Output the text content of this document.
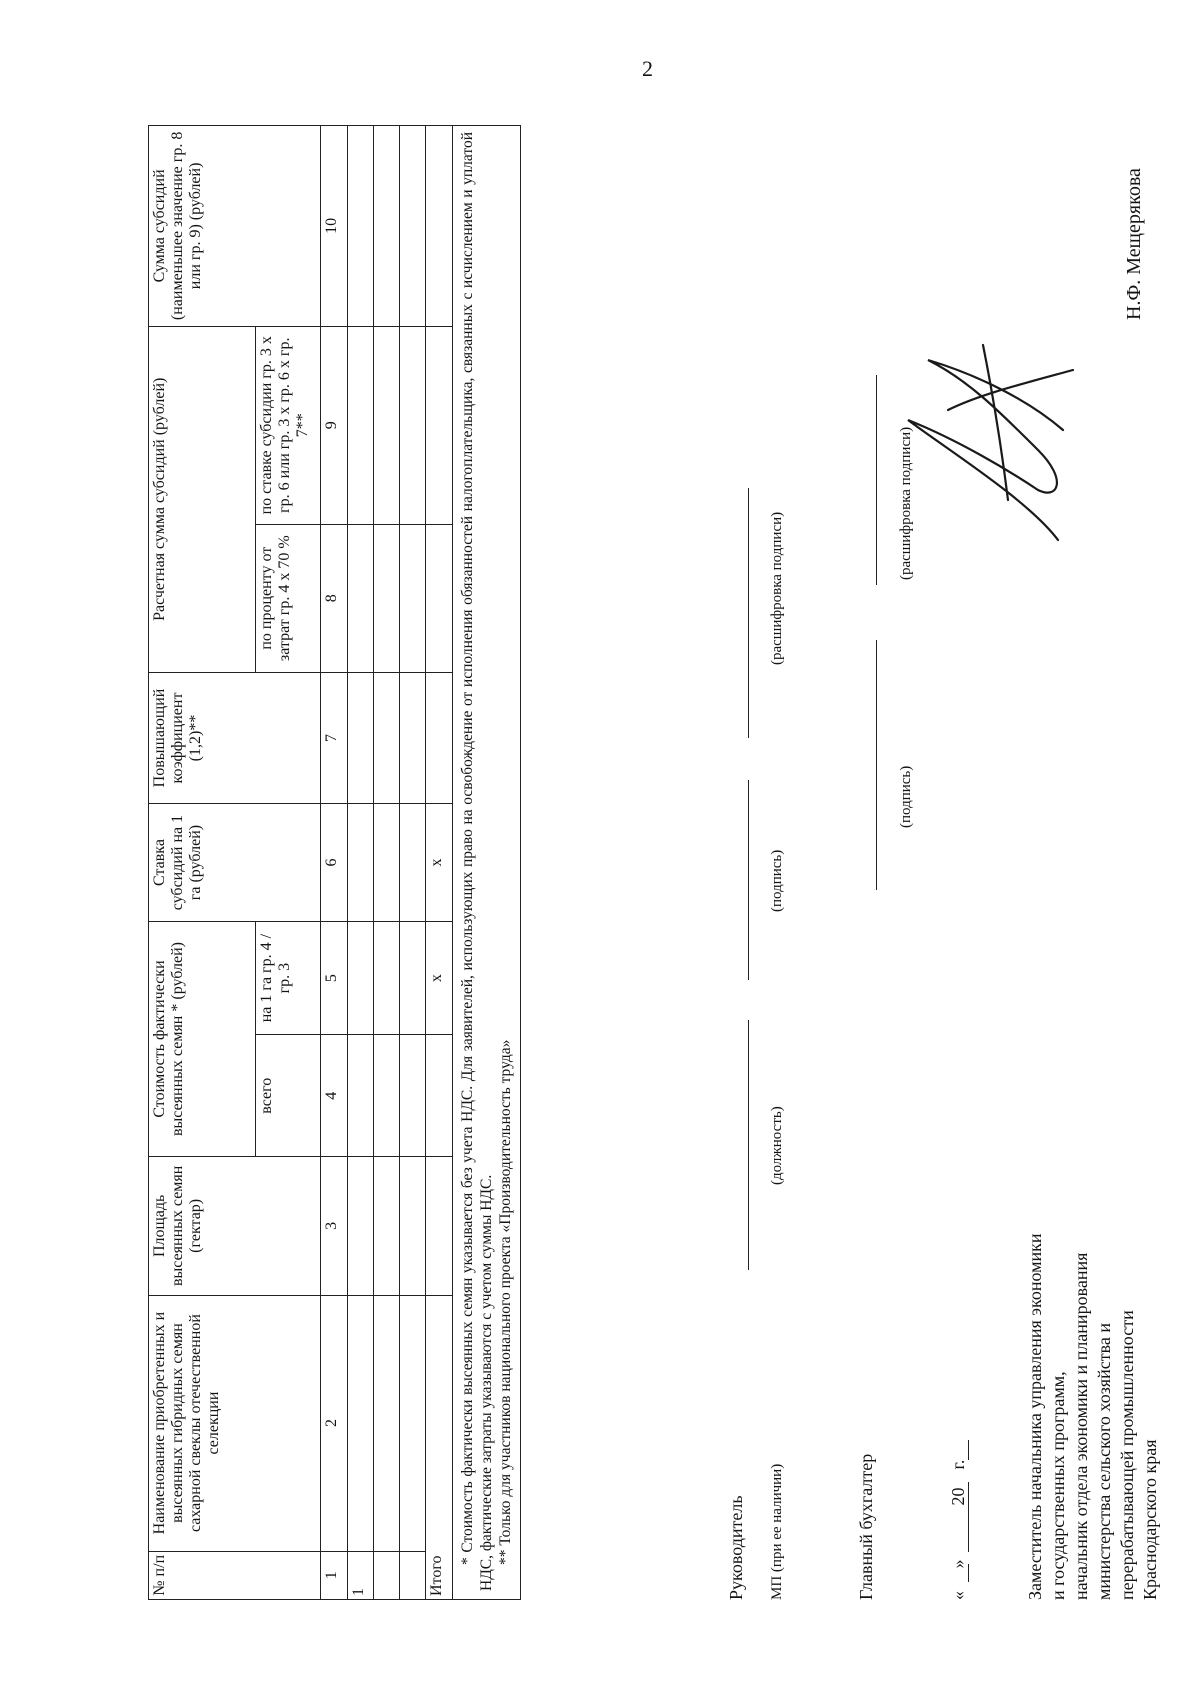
2
№ п/п	Наименование приобретенных и высеянных гибридных семян сахарной свеклы отечественной селекции	Площадь высеянных семян (гектар)	Стоимость фактически высеянных семян * (рублей)		Ставка субсидий на 1 га (рублей)	Повышающий коэффициент (1,2)**	Расчетная сумма субсидий (рублей)		Сумма субсидий (наименьшее значение гр. 8 или гр. 9) (рублей)
			всего	на 1 га гр. 4 / гр. 3			по проценту от затрат гр. 4 х 70 %	по ставке субсидии гр. 3 х гр. 6 или гр. 3 х гр. 6 х гр. 7**	
1	2	3	4	5	6	7	8	9	10
1									

Итого				х	х				

* Стоимость фактически высеянных семян указывается без учета НДС. Для заявителей, использующих право на освобождение от исполнения обязанностей налогоплательщика, связанных с исчислением и уплатой НДС, фактические затраты указываются с учетом суммы НДС. ** Только для участников национального проекта «Производительность труда»										Руководитель МП (при ее наличии)
(должность)
(подпись)
(расшифровка подписи)
Главный бухгалтер
(подпись)
(расшифровка подписи)
«     »            20    г.	Заместитель начальника управления экономики и государственных программ, начальник отдела экономики и планирования министерства сельского хозяйства и перерабатывающей промышленности Краснодарского края
Н.Ф. Мещерякова
